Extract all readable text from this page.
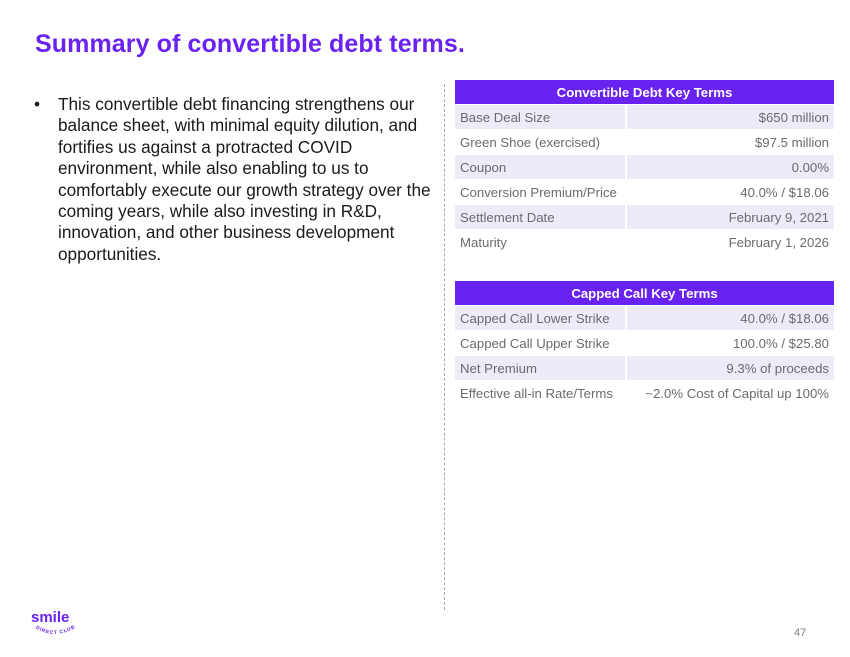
Summary of convertible debt terms.
• This convertible debt financing strengthens our balance sheet, with minimal equity dilution, and fortifies us against a protracted COVID environment, while also enabling to us to comfortably execute our growth strategy over the coming years, while also investing in R&D, innovation, and other business development opportunities.
Convertible Debt Key Terms	
Base Deal Size	$650 million
Green Shoe (exercised)	$97.5 million
Coupon	0.00%
Conversion Premium/Price	40.0% / $18.06
Settlement Date	February 9, 2021
Maturity	February 1, 2026
Capped Call Key Terms	
Capped Call Lower Strike	40.0% / $18.06
Capped Call Upper Strike	100.0% / $25.80
Net Premium	9.3% of proceeds
Effective all-in Rate/Terms	~2.0% Cost of Capital up 100%
smile
DIRECT CLUB	47
